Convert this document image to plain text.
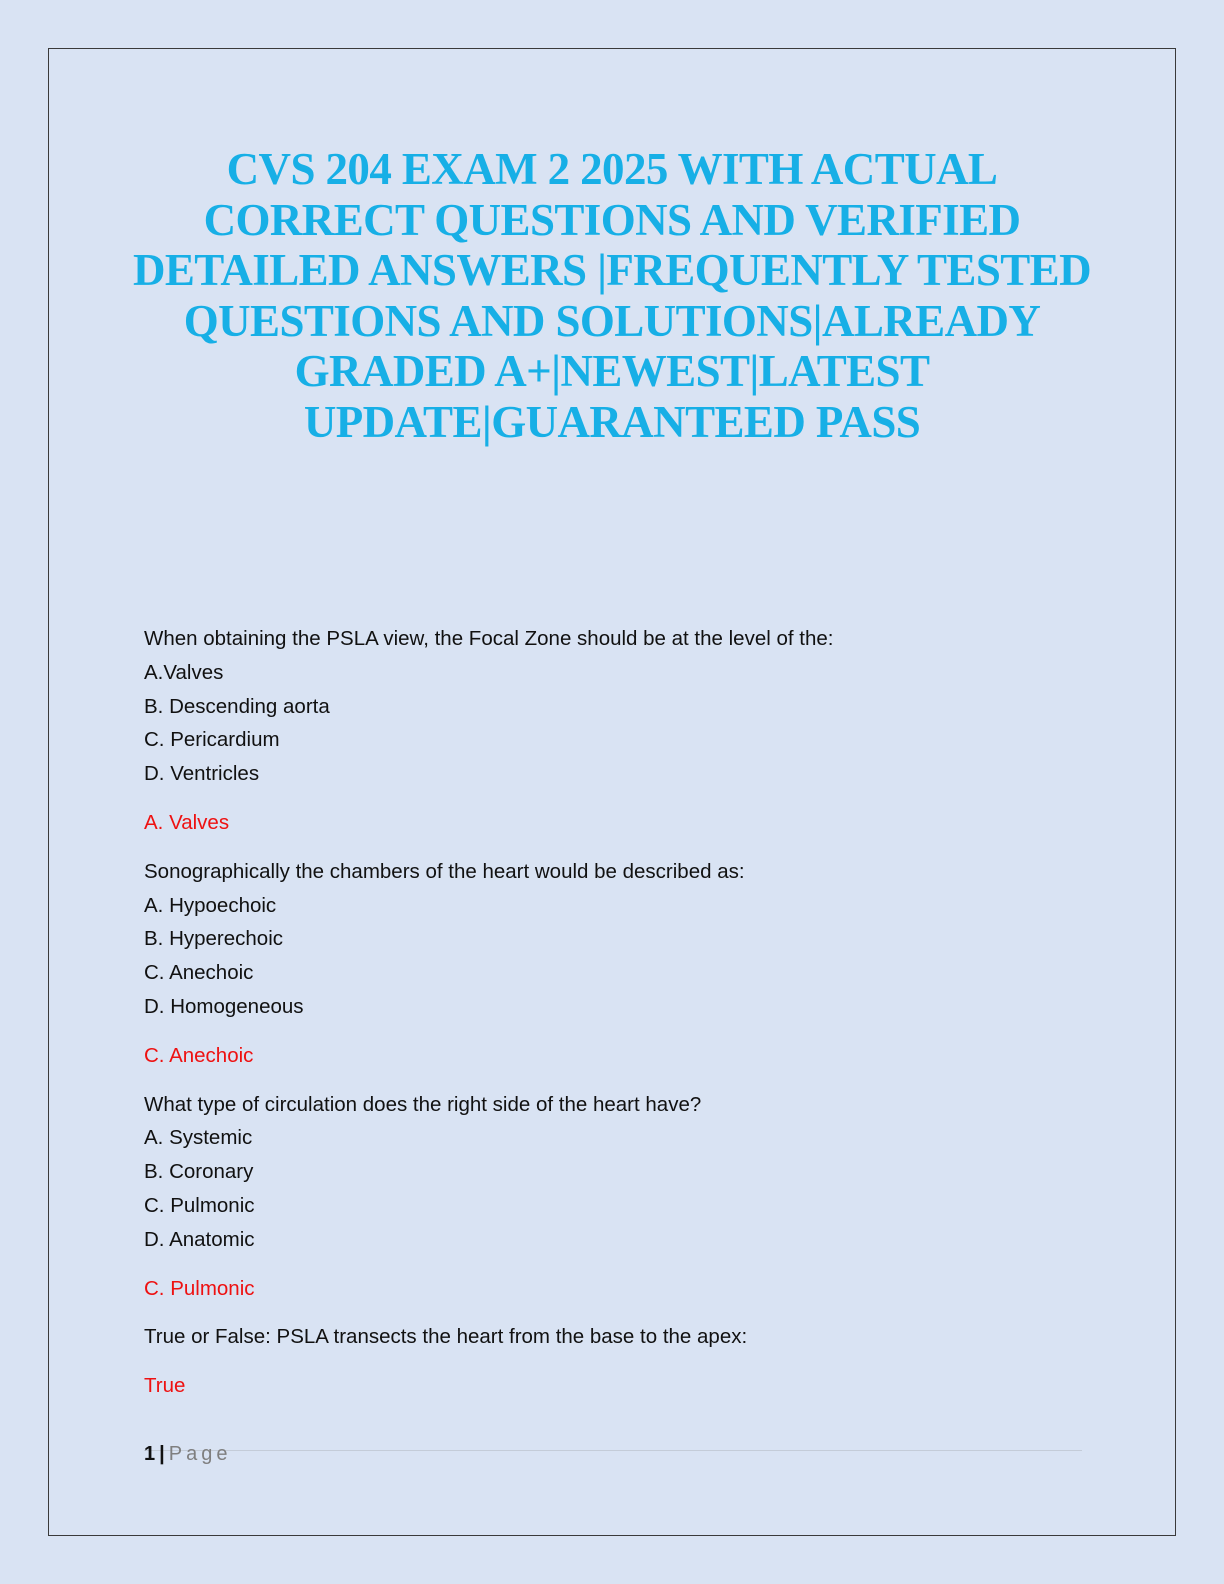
CVS 204 EXAM 2 2025 WITH ACTUAL
CORRECT QUESTIONS AND VERIFIED
DETAILED ANSWERS |FREQUENTLY TESTED
QUESTIONS AND SOLUTIONS|ALREADY
GRADED A+|NEWEST|LATEST
UPDATE|GUARANTEED PASS
When obtaining the PSLA view, the Focal Zone should be at the level of the:
A.Valves
B. Descending aorta
C. Pericardium
D. Ventricles
A. Valves
Sonographically the chambers of the heart would be described as:
A. Hypoechoic
B. Hyperechoic
C. Anechoic
D. Homogeneous
C. Anechoic
What type of circulation does the right side of the heart have?
A. Systemic
B. Coronary
C. Pulmonic
D. Anatomic
C. Pulmonic
True or False: PSLA transects the heart from the base to the apex:
True
1 | Page
